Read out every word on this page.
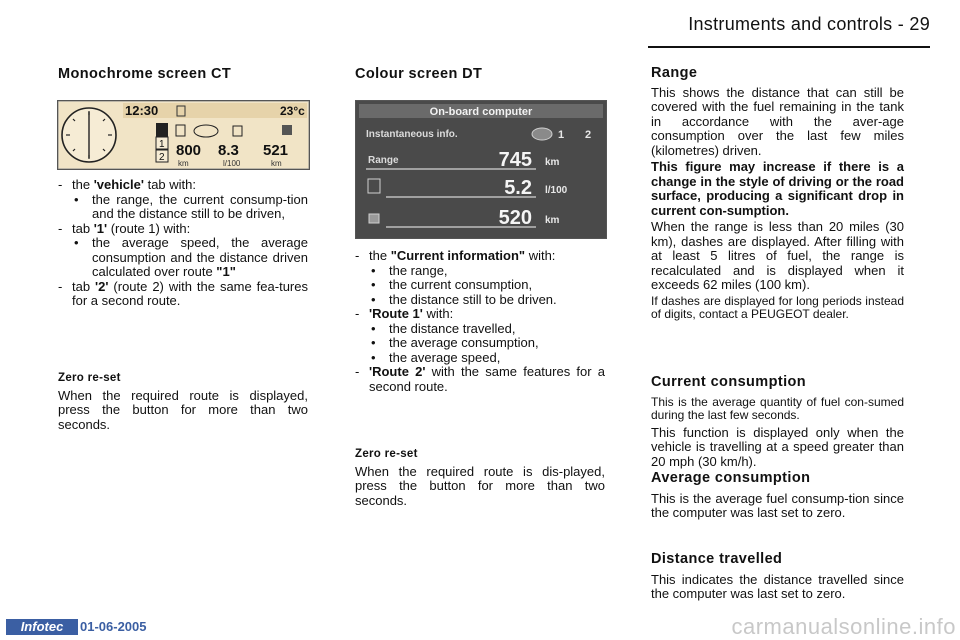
Instruments and controls - 29
Monochrome screen CT
12:30	23°c
1
2 800 8.3 521
km	l/100	km
- the 'vehicle' tab with:
• the range, the current consump-tion and the distance still to be driven,
- tab '1' (route 1) with:
• the average speed, the average consumption and the distance driven calculated over route "1"
- tab '2' (route 2) with the same fea-tures for a second route.
Zero re-set
When the required route is displayed, press the button for more than two seconds.
Colour screen DT
On-board computer
Instantaneous info.	1 2
Range	745 km
5.2 l/100
520 km
- the "Current information" with:
• the range,
• the current consumption,
• the distance still to be driven.
- 'Route 1' with:
• the distance travelled,
• the average consumption,
• the average speed,
- 'Route 2' with the same features for a second route.
Zero re-set
When the required route is dis-played, press the button for more than two seconds.
Range
This shows the distance that can still be covered with the fuel remaining in the tank in accordance with the aver-age consumption over the last few miles (kilometres) driven.
This figure may increase if there is a change in the style of driving or the road surface, producing a significant drop in current con-sumption.
When the range is less than 20 miles (30 km), dashes are displayed. After filling with at least 5 litres of fuel, the range is recalculated and is displayed when it exceeds 62 miles (100 km).
If dashes are displayed for long periods instead of digits, contact a PEUGEOT dealer.
Current consumption
This is the average quantity of fuel con-sumed during the last few seconds.
This function is displayed only when the vehicle is travelling at a speed greater than 20 mph (30 km/h).
Average consumption
This is the average fuel consump-tion since the computer was last set to zero.
Distance travelled
This indicates the distance travelled since the computer was last set to zero.
Infotec	01-06-2005	carmanualsonline.info
